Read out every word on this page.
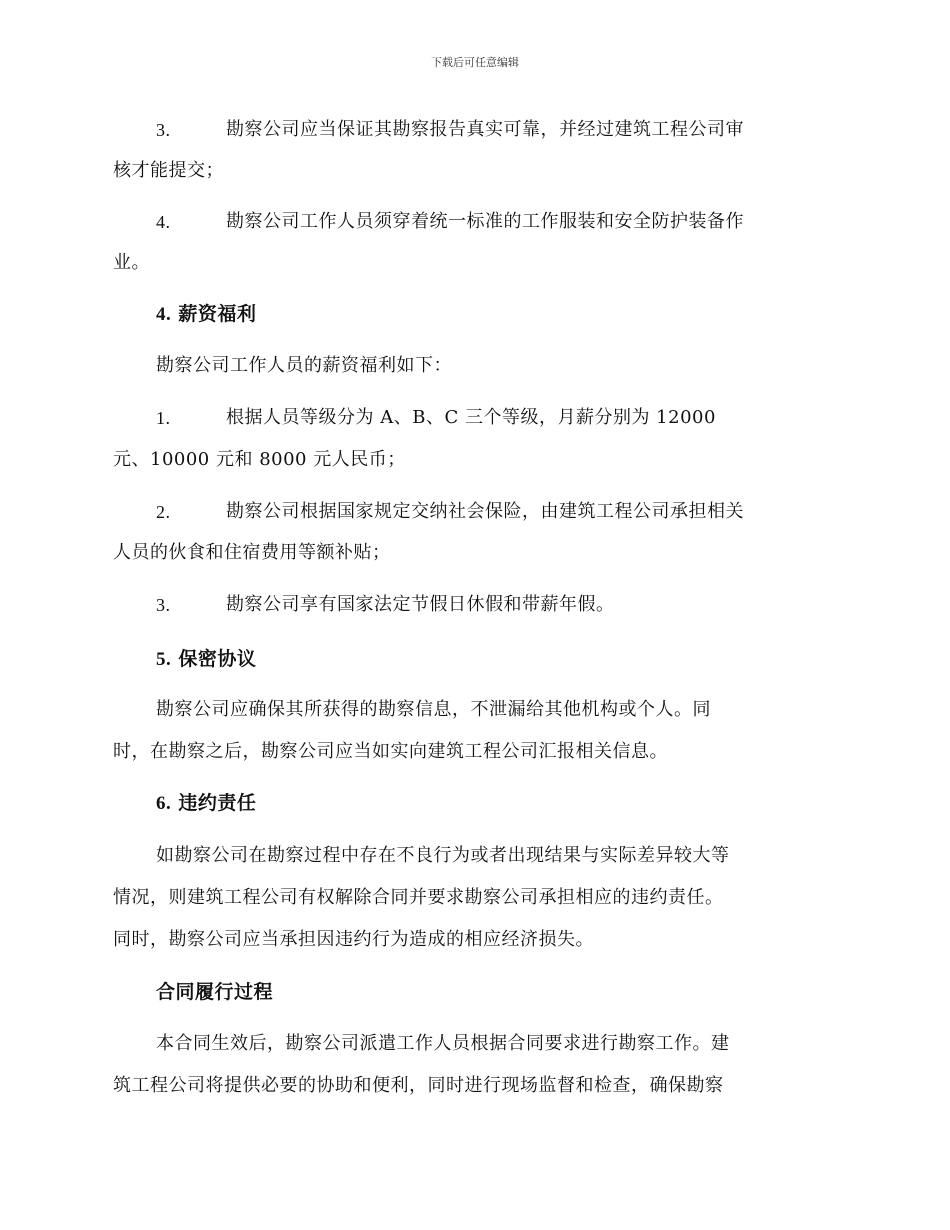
下载后可任意编辑
3.	勘察公司应当保证其勘察报告真实可靠，并经过建筑工程公司审
核才能提交；
4.	勘察公司工作人员须穿着统一标准的工作服装和安全防护装备作
业。
4. 薪资福利
勘察公司工作人员的薪资福利如下：
1.	根据人员等级分为 A、B、C 三个等级，月薪分别为 12000
元、10000 元和 8000 元人民币；
2.	勘察公司根据国家规定交纳社会保险，由建筑工程公司承担相关
人员的伙食和住宿费用等额补贴；
3.	勘察公司享有国家法定节假日休假和带薪年假。
5. 保密协议
勘察公司应确保其所获得的勘察信息，不泄漏给其他机构或个人。同
时，在勘察之后，勘察公司应当如实向建筑工程公司汇报相关信息。
6. 违约责任
如勘察公司在勘察过程中存在不良行为或者出现结果与实际差异较大等
情况，则建筑工程公司有权解除合同并要求勘察公司承担相应的违约责任。
同时，勘察公司应当承担因违约行为造成的相应经济损失。
合同履行过程
本合同生效后，勘察公司派遣工作人员根据合同要求进行勘察工作。建
筑工程公司将提供必要的协助和便利，同时进行现场监督和检查，确保勘察
